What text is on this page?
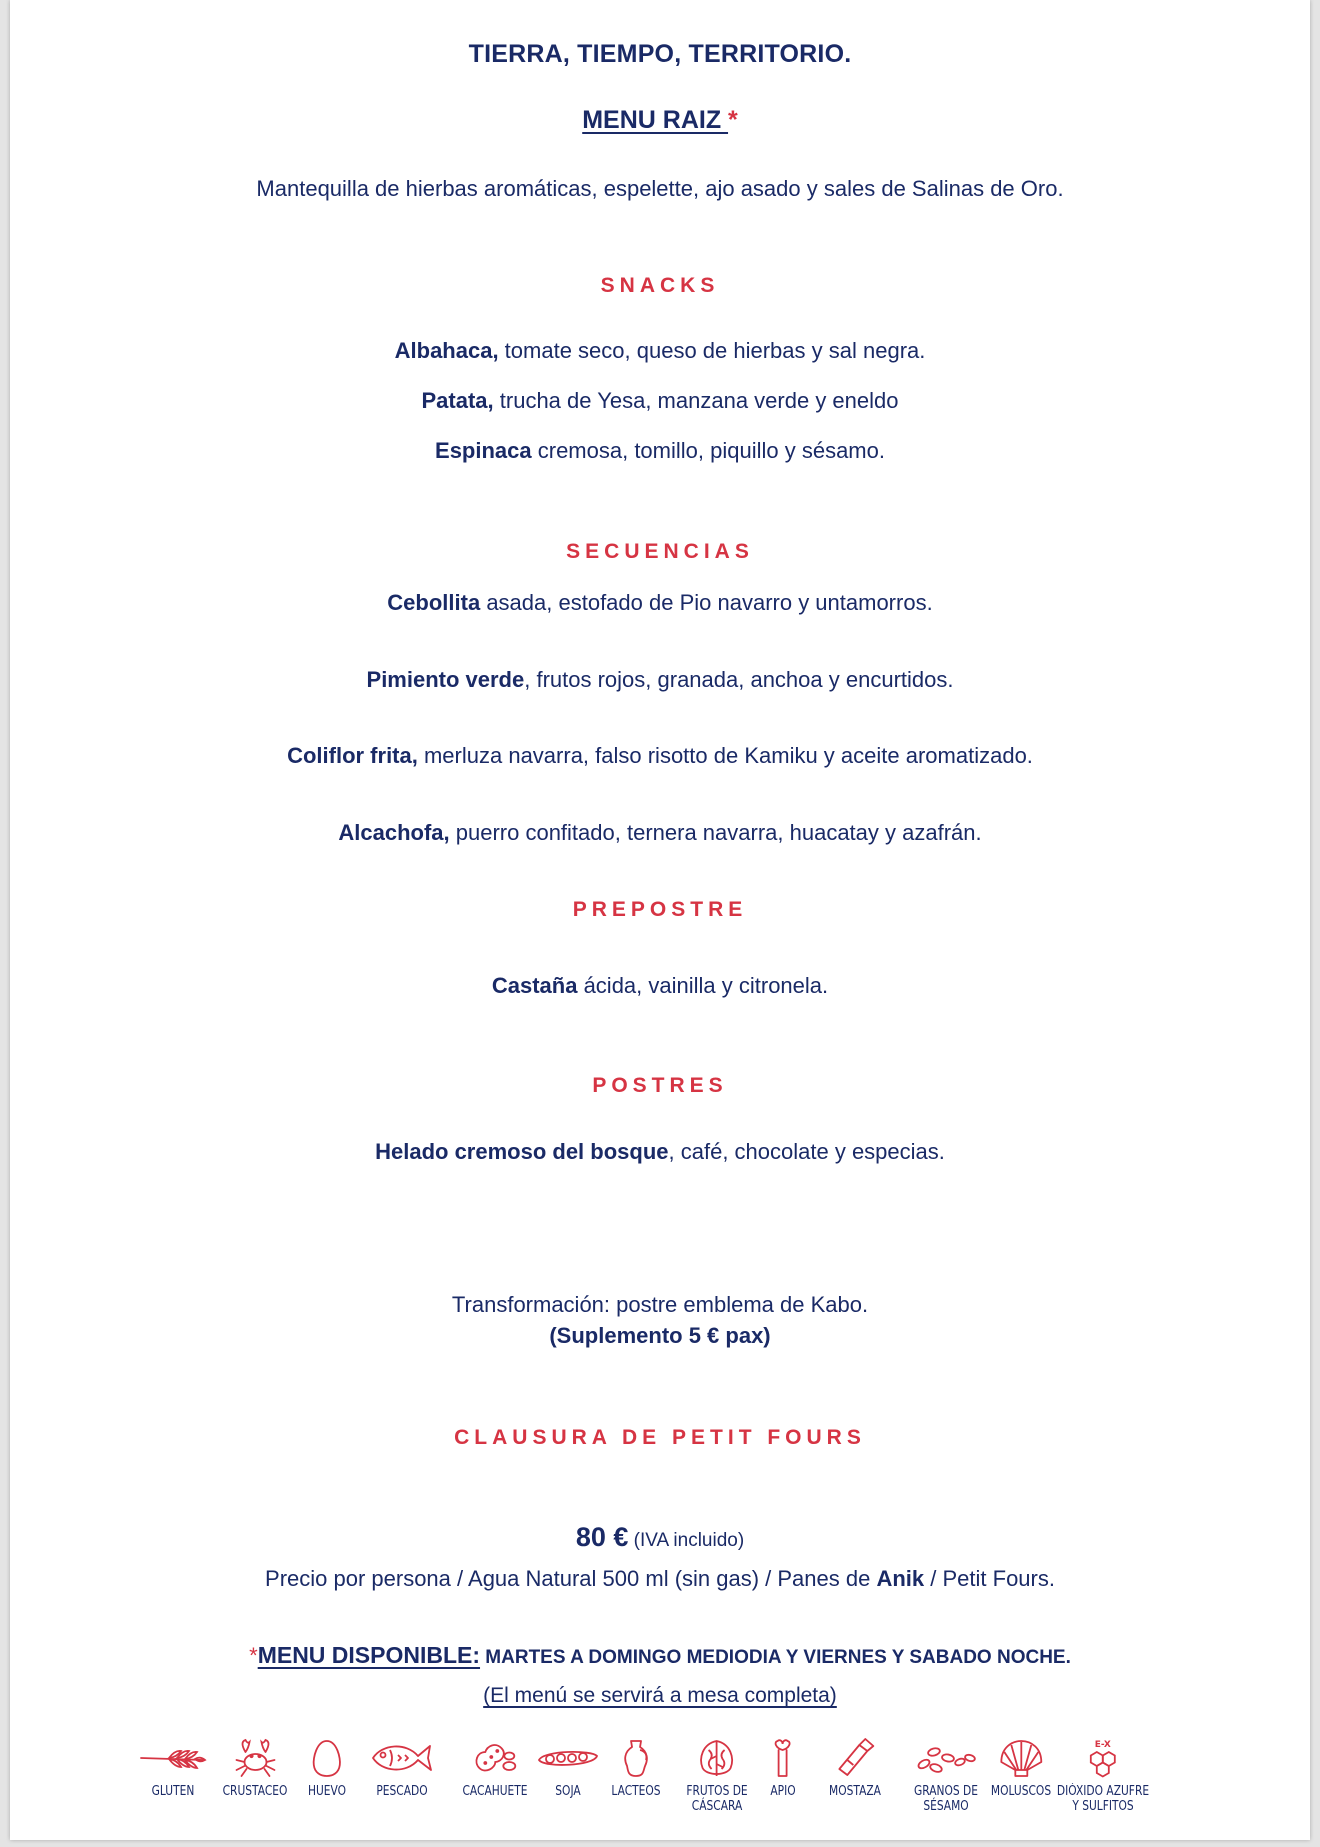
TIERRA, TIEMPO, TERRITORIO.
MENU RAIZ *
Mantequilla de hierbas aromáticas, espelette, ajo asado y sales de Salinas de Oro.
SNACKS
Albahaca, tomate seco, queso de hierbas y sal negra.
Patata, trucha de Yesa, manzana verde y eneldo
Espinaca cremosa, tomillo, piquillo y sésamo.
SECUENCIAS
Cebollita asada, estofado de Pio navarro y untamorros.
Pimiento verde, frutos rojos, granada, anchoa y encurtidos.
Coliflor frita, merluza navarra, falso risotto de Kamiku y aceite aromatizado.
Alcachofa, puerro confitado, ternera navarra, huacatay y azafrán.
PREPOSTRE
Castaña ácida, vainilla y citronela.
POSTRES
Helado cremoso del bosque, café, chocolate y especias.
Transformación: postre emblema de Kabo.
(Suplemento 5 € pax)
CLAUSURA DE PETIT FOURS
80 € (IVA incluido)
Precio por persona / Agua Natural 500 ml (sin gas) / Panes de Anik / Petit Fours.
*MENU DISPONIBLE: MARTES A DOMINGO MEDIODIA Y VIERNES Y SABADO NOCHE.
(El menú se servirá a mesa completa)
GLUTEN	CRUSTACEO HUEVO PESCADO	CACAHUETE	SOJA	LACTEOS FRUTOS DE
CÁSCARA
APIO	MOSTAZA	GRANOS DE
SÉSAMO
MOLUSCOS
E-X
DIÓXIDO AZUFRE
Y SULFITOS
